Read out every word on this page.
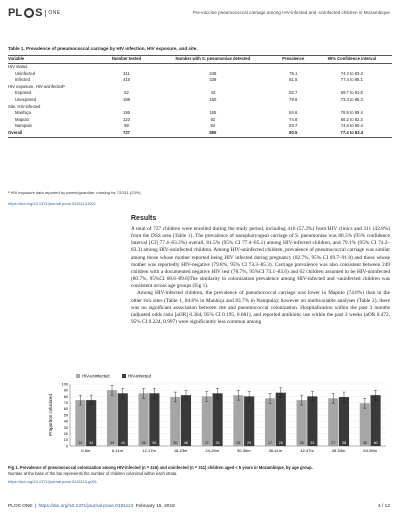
PL S	ONE	Pre-vaccine pneumococcal carriage among HIV-infected and -uninfected children in Mozambique
Table 1. Prevalence of pneumococcal carriage by HIV infection, HIV exposure, and site.
Variable	Number tested	Number with S. pneumoniae detected	Prevalence	95% Confidence interval
HIV status				
Uninfected	311	246	79.1	74.2 to 83.3
Infected	416	339	81.5	77.4 to 85.1
HIV exposure, HIV-uninfectedª				
Exposed	52	43	82.7	69.7 to 91.8
Unexposed	188	150	79.8	73.3 to 85.3
Site, HIV-infected				
Manhiça	195	165	84.6	78.8 to 89.4
Maputo	123	92	74.8	66.2 to 82.2
Nampula	98	82	83.7	74.8 to 90.4
Overall	727	585	80.5	77.4 to 83.3
ª HIV exposure data reported by parent/guardian; missing for 72/311 (23%)
https://doi.org/10.1371/journal.pone.0191113.t001
Results

A total of 727 children were enrolled during the study period, including 416 (57.2%) from HIV clinics and 311 (42.8%) from the DSS area (Table 1). The prevalence of nasopharyngeal carriage of S. pneumoniae was 80.5% (95% confidence interval [CI] 77.4–83.3%) overall, 81.5% (95% CI 77.4–85.1) among HIV-infected children, and 79.1% (95% CI 74.2–83.3) among HIV-uninfected children. Among HIV-uninfected children, prevalence of pneumococcal carriage was similar among those whose mother reported being HIV infected during pregnancy (82.7%, 95% CI 69.7–91.8) and those whose mother was reportedly HIV-negative (79.8%, 95% CI 73.3–85.3). Carriage prevalence was also consistent between 249 children with a documented negative HIV test (78.7%, 95%CI 73.1–83.6) and 62 children assumed to be HIV-uninfected (80.7%, 95%CI 68.6–89.6)The similarity in colonization prevalence among HIV-infected and -uninfected children was consistent across age groups (Fig 1).

Among HIV-infected children, the prevalence of pneumococcal carriage was lower in Maputo (74.8%) than in the other two sites (Table 1, 84.6% in Manhiça and 83.7% in Nampula); however on multivariable analyses (Table 2), there was no significant association between site and pneumococcal colonization. Hospitalization within the past 3 months (adjusted odds ratio [aOR] 0.364, 95% CI 0.195, 0.681), and reported antibiotic use within the past 3 weeks (aOR 0.472, 95% CI 0.224, 0.997) were significantly less common among

Proportion colonized
0
10
20
30
40
50
60
70
80
90
100
HIV-uninfected	HIV-infected
32 24
0-5m
39 43
6-11m
35 50
12-17m
30 46
18-23m
27 25
24-29m
28 29
30-35m
17 28
36-41m
38 52
42-47m
27 38
48-53m
38 40
54-59m
Fig 1. Prevalence of pneumococcal colonization among HIV-infected (n = 416) and uninfected (n = 311) children aged < 5 years in Mozambique, by age group.
Number at the base of the bar represents the number of children colonized within each strata.
https://doi.org/10.1371/journal.pone.0191113.g001
PLOS ONE | https://doi.org/10.1371/journal.pone.0191113 February 15, 2018	4 / 12
